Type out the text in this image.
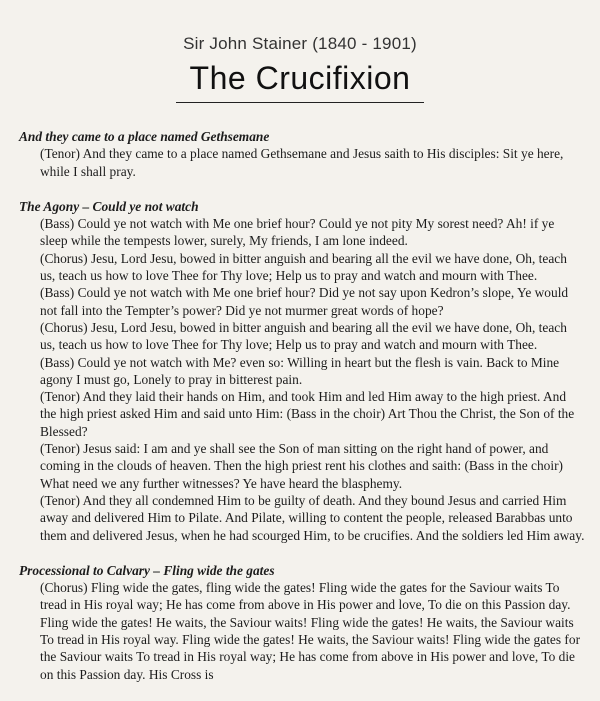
Sir John Stainer (1840 - 1901)
The Crucifixion
And they came to a place named Gethsemane
(Tenor) And they came to a place named Gethsemane and Jesus saith to His disciples: Sit ye here, while I shall pray.
The Agony – Could ye not watch
(Bass) Could ye not watch with Me one brief hour? Could ye not pity My sorest need? Ah! if ye sleep while the tempests lower, surely, My friends, I am lone indeed.
(Chorus) Jesu, Lord Jesu, bowed in bitter anguish and bearing all the evil we have done, Oh, teach us, teach us how to love Thee for Thy love; Help us to pray and watch and mourn with Thee.
(Bass) Could ye not watch with Me one brief hour? Did ye not say upon Kedron’s slope, Ye would not fall into the Tempter’s power? Did ye not murmer great words of hope?
(Chorus) Jesu, Lord Jesu, bowed in bitter anguish and bearing all the evil we have done, Oh, teach us, teach us how to love Thee for Thy love; Help us to pray and watch and mourn with Thee.
(Bass) Could ye not watch with Me? even so: Willing in heart but the flesh is vain. Back to Mine agony I must go, Lonely to pray in bitterest pain.
(Tenor) And they laid their hands on Him, and took Him and led Him away to the high priest. And the high priest asked Him and said unto Him: (Bass in the choir) Art Thou the Christ, the Son of the Blessed?
(Tenor) Jesus said: I am and ye shall see the Son of man sitting on the right hand of power, and coming in the clouds of heaven. Then the high priest rent his clothes and saith: (Bass in the choir) What need we any further witnesses? Ye have heard the blasphemy.
(Tenor) And they all condemned Him to be guilty of death. And they bound Jesus and carried Him away and delivered Him to Pilate. And Pilate, willing to content the people, released Barabbas unto them and delivered Jesus, when he had scourged Him, to be crucifies. And the soldiers led Him away.
Processional to Calvary – Fling wide the gates
(Chorus) Fling wide the gates, fling wide the gates! Fling wide the gates for the Saviour waits To tread in His royal way; He has come from above in His power and love, To die on this Passion day. Fling wide the gates! He waits, the Saviour waits! Fling wide the gates! He waits, the Saviour waits To tread in His royal way. Fling wide the gates! He waits, the Saviour waits! Fling wide the gates for the Saviour waits To tread in His royal way; He has come from above in His power and love, To die on this Passion day. His Cross is
